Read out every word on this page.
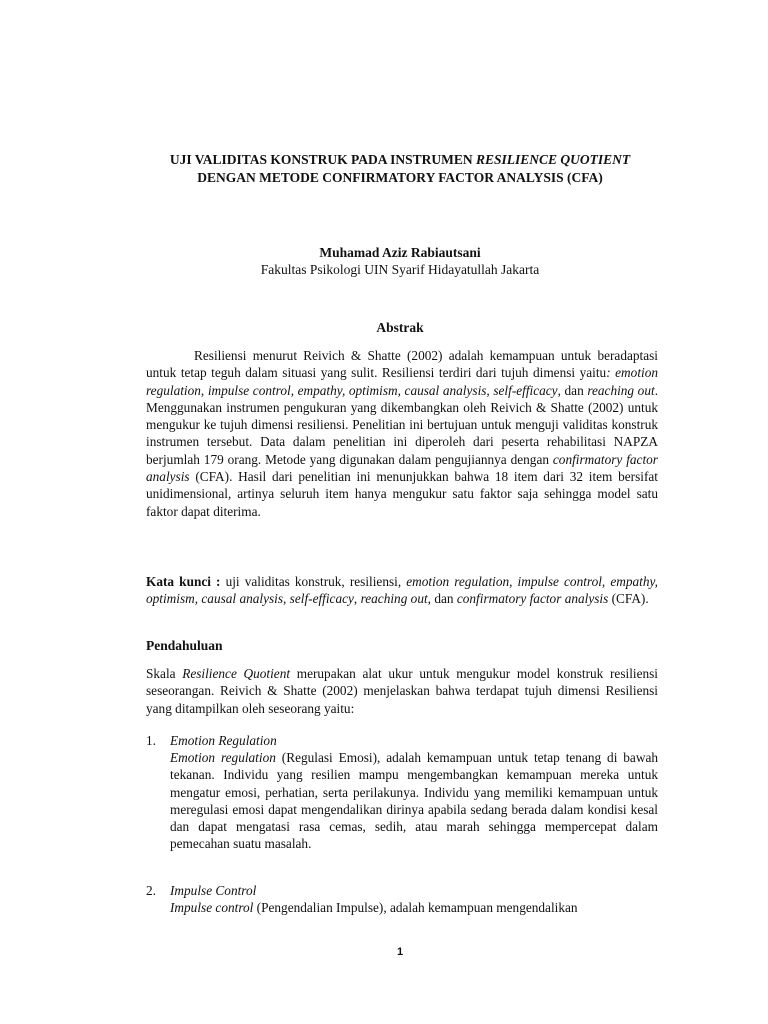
UJI VALIDITAS KONSTRUK PADA INSTRUMEN RESILIENCE QUOTIENT DENGAN METODE CONFIRMATORY FACTOR ANALYSIS (CFA)
Muhamad Aziz Rabiautsani
Fakultas Psikologi UIN Syarif Hidayatullah Jakarta
Abstrak
Resiliensi menurut Reivich & Shatte (2002) adalah kemampuan untuk beradaptasi untuk tetap teguh dalam situasi yang sulit. Resiliensi terdiri dari tujuh dimensi yaitu: emotion regulation, impulse control, empathy, optimism, causal analysis, self-efficacy, dan reaching out. Menggunakan instrumen pengukuran yang dikembangkan oleh Reivich & Shatte (2002) untuk mengukur ke tujuh dimensi resiliensi. Penelitian ini bertujuan untuk menguji validitas konstruk instrumen tersebut. Data dalam penelitian ini diperoleh dari peserta rehabilitasi NAPZA berjumlah 179 orang. Metode yang digunakan dalam pengujiannya dengan confirmatory factor analysis (CFA). Hasil dari penelitian ini menunjukkan bahwa 18 item dari 32 item bersifat unidimensional, artinya seluruh item hanya mengukur satu faktor saja sehingga model satu faktor dapat diterima.
Kata kunci : uji validitas konstruk, resiliensi, emotion regulation, impulse control, empathy, optimism, causal analysis, self-efficacy, reaching out, dan confirmatory factor analysis (CFA).
Pendahuluan
Skala Resilience Quotient merupakan alat ukur untuk mengukur model konstruk resiliensi seseorangan. Reivich & Shatte (2002) menjelaskan bahwa terdapat tujuh dimensi Resiliensi yang ditampilkan oleh seseorang yaitu:
1. Emotion Regulation
Emotion regulation (Regulasi Emosi), adalah kemampuan untuk tetap tenang di bawah tekanan. Individu yang resilien mampu mengembangkan kemampuan mereka untuk mengatur emosi, perhatian, serta perilakunya. Individu yang memiliki kemampuan untuk meregulasi emosi dapat mengendalikan dirinya apabila sedang berada dalam kondisi kesal dan dapat mengatasi rasa cemas, sedih, atau marah sehingga mempercepat dalam pemecahan suatu masalah.
2. Impulse Control
Impulse control (Pengendalian Impulse), adalah kemampuan mengendalikan
1
